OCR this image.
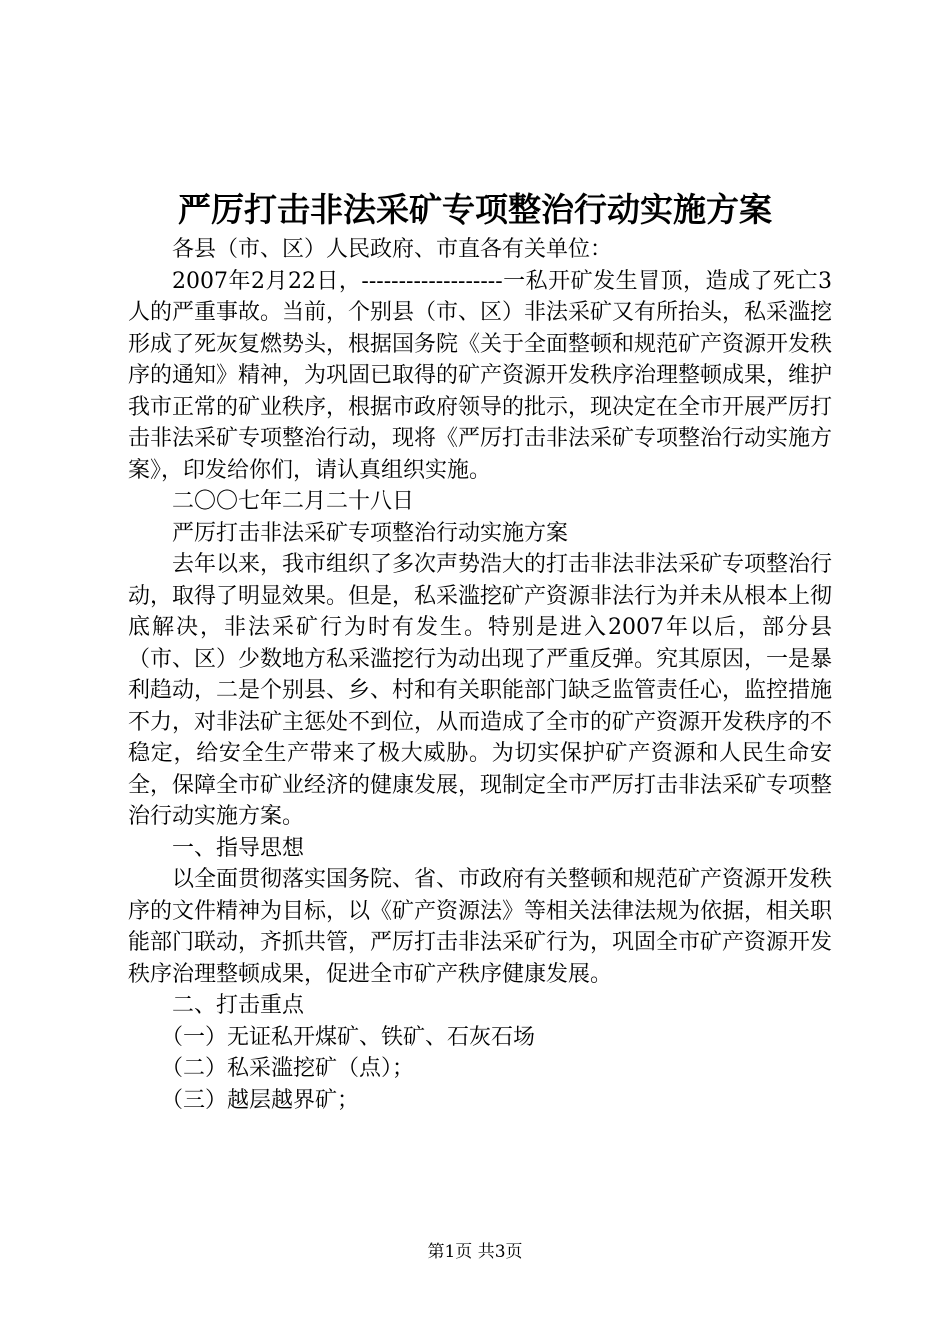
严厉打击非法采矿专项整治行动实施方案

各县（市、区）人民政府、市直各有关单位：

2007年2月22日，-------------------一私开矿发生冒顶，造成了死亡3人的严重事故。当前，个别县（市、区）非法采矿又有所抬头，私采滥挖形成了死灰复燃势头，根据国务院《关于全面整顿和规范矿产资源开发秩序的通知》精神，为巩固已取得的矿产资源开发秩序治理整顿成果，维护我市正常的矿业秩序，根据市政府领导的批示，现决定在全市开展严厉打击非法采矿专项整治行动，现将《严厉打击非法采矿专项整治行动实施方案》，印发给你们，请认真组织实施。

二〇〇七年二月二十八日

严厉打击非法采矿专项整治行动实施方案

去年以来，我市组织了多次声势浩大的打击非法非法采矿专项整治行动，取得了明显效果。但是，私采滥挖矿产资源非法行为并未从根本上彻底解决，非法采矿行为时有发生。特别是进入2007年以后，部分县（市、区）少数地方私采滥挖行为动出现了严重反弹。究其原因，一是暴利趋动，二是个别县、乡、村和有关职能部门缺乏监管责任心，监控措施不力，对非法矿主惩处不到位，从而造成了全市的矿产资源开发秩序的不稳定，给安全生产带来了极大威胁。为切实保护矿产资源和人民生命安全，保障全市矿业经济的健康发展，现制定全市严厉打击非法采矿专项整治行动实施方案。

一、指导思想

以全面贯彻落实国务院、省、市政府有关整顿和规范矿产资源开发秩序的文件精神为目标，以《矿产资源法》等相关法律法规为依据，相关职能部门联动，齐抓共管，严厉打击非法采矿行为，巩固全市矿产资源开发秩序治理整顿成果，促进全市矿产秩序健康发展。

二、打击重点

（一）无证私开煤矿、铁矿、石灰石场

（二）私采滥挖矿（点）；

（三）越层越界矿；

第1页 共3页
